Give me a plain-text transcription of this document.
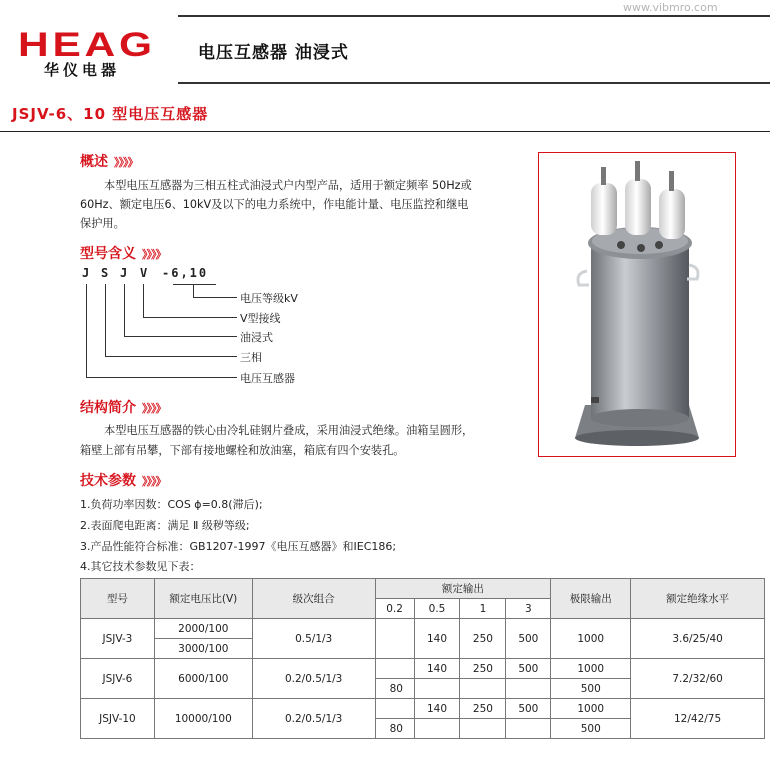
www.vibmro.com
HEAG
华仪电器
电压互感器 油浸式
JSJV-6、10 型电压互感器
概述 》》》》
本型电压互感器为三相五柱式油浸式户内型产品，适用于额定频率 50Hz或
60Hz、额定电压6、10kV及以下的电力系统中，作电能计量、电压监控和继电
保护用。
型号含义 》》》》
J S J V -6,10
电压等级kV
V型接线
油浸式
三相
电压互感器
结构简介 》》》》
本型电压互感器的铁心由冷轧硅钢片叠成，采用油浸式绝缘。油箱呈圆形，
箱壁上部有吊攀，下部有接地螺栓和放油塞，箱底有四个安装孔。
技术参数 》》》》
1.负荷功率因数：COS ϕ=0.8(滞后);
2.表面爬电距离：满足 Ⅱ 级秽等级;
3.产品性能符合标准：GB1207-1997《电压互感器》和IEC186;
4.其它技术参数见下表：
型号	额定电压比(V)	级次组合	额定输出				极限输出	额定绝缘水平
			0.2	0.5	1	3		
JSJV-3	2000/100	0.5/1/3		140	250	500	1000	3.6/25/40
	3000/100							
JSJV-6	6000/100	0.2/0.5/1/3		140	250	500	1000	7.2/32/60
			80				500	
JSJV-10	10000/100	0.2/0.5/1/3		140	250	500	1000	12/42/75
			80				500	
